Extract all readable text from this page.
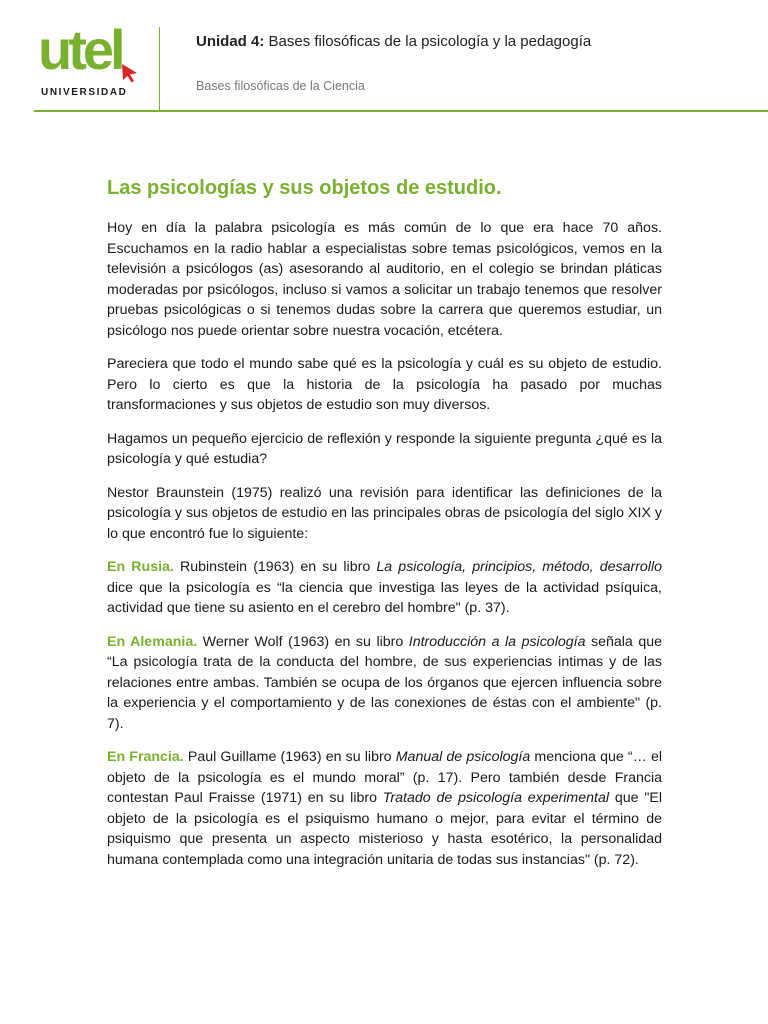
utel
UNIVERSIDAD
Unidad 4: Bases filosóficas de la psicología y la pedagogía
Bases filosóficas de la Ciencia
Las psicologías y sus objetos de estudio.

Hoy en día la palabra psicología es más común de lo que era hace 70 años. Escuchamos en la radio hablar a especialistas sobre temas psicológicos, vemos en la televisión a psicólogos (as) asesorando al auditorio, en el colegio se brindan pláticas moderadas por psicólogos, incluso si vamos a solicitar un trabajo tenemos que resolver pruebas psicológicas o si tenemos dudas sobre la carrera que queremos estudiar, un psicólogo nos puede orientar sobre nuestra vocación, etcétera.

Pareciera que todo el mundo sabe qué es la psicología y cuál es su objeto de estudio. Pero lo cierto es que la historia de la psicología ha pasado por muchas transformaciones y sus objetos de estudio son muy diversos.

Hagamos un pequeño ejercicio de reflexión y responde la siguiente pregunta ¿qué es la psicología y qué estudia?

Nestor Braunstein (1975) realizó una revisión para identificar las definiciones de la psicología y sus objetos de estudio en las principales obras de psicología del siglo XIX y lo que encontró fue lo siguiente:

En Rusia. Rubinstein (1963) en su libro La psicología, principios, método, desarrollo dice que la psicología es “la ciencia que investiga las leyes de la actividad psíquica, actividad que tiene su asiento en el cerebro del hombre" (p. 37).

En Alemania. Werner Wolf (1963) en su libro Introducción a la psicología señala que “La psicología trata de la conducta del hombre, de sus experiencias intimas y de las relaciones entre ambas. También se ocupa de los órganos que ejercen influencia sobre la experiencia y el comportamiento y de las conexiones de éstas con el ambiente" (p. 7).

En Francia. Paul Guillame (1963) en su libro Manual de psicología menciona que “… el objeto de la psicología es el mundo moral” (p. 17). Pero también desde Francia contestan Paul Fraisse (1971) en su libro Tratado de psicología experimental que "El objeto de la psicología es el psiquismo humano o mejor, para evitar el término de psiquismo que presenta un aspecto misterioso y hasta esotérico, la personalidad humana contemplada como una integración unitaria de todas sus instancias" (p. 72).
